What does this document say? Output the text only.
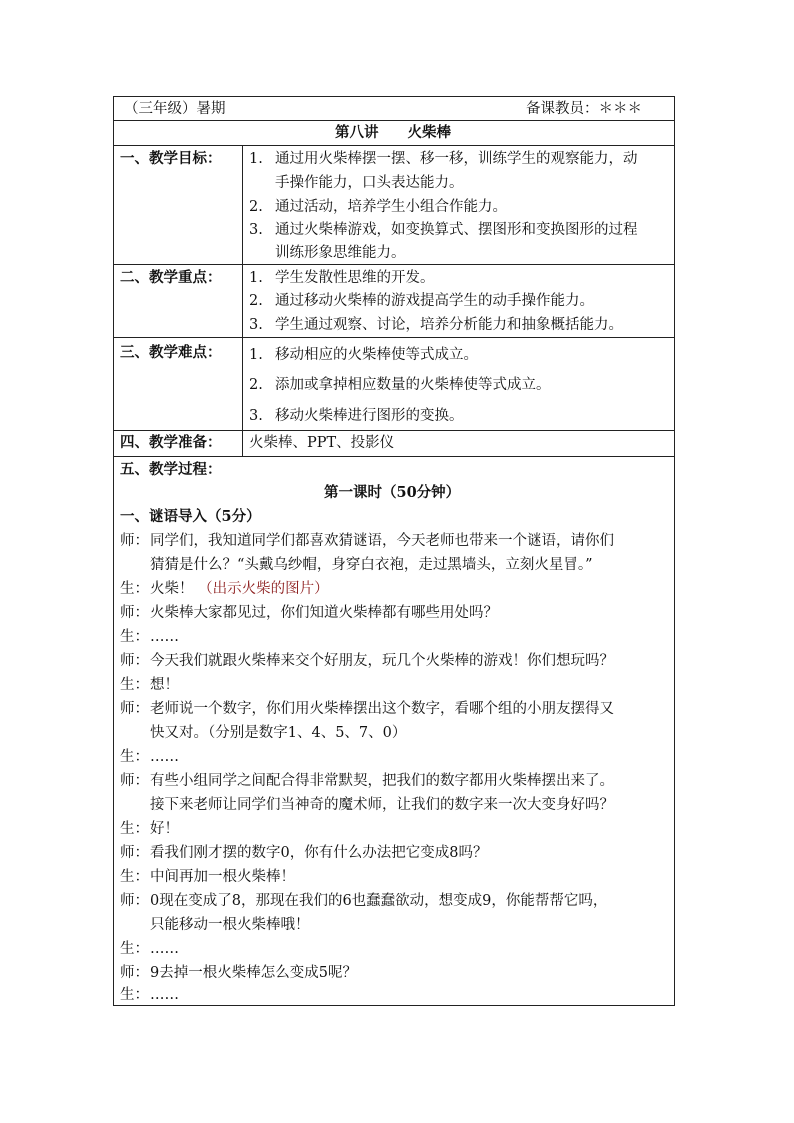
（三年级）暑期	备课教员：＊＊＊
第八讲　　火柴棒
一、教学目标： 1. 通过用火柴棒摆一摆、移一移，训练学生的观察能力，动
手操作能力，口头表达能力。
2. 通过活动，培养学生小组合作能力。
3. 通过火柴棒游戏，如变换算式、摆图形和变换图形的过程
训练形象思维能力。
二、教学重点： 1. 学生发散性思维的开发。
2. 通过移动火柴棒的游戏提高学生的动手操作能力。
3. 学生通过观察、讨论，培养分析能力和抽象概括能力。
三、教学难点： 1. 移动相应的火柴棒使等式成立。
2. 添加或拿掉相应数量的火柴棒使等式成立。
3. 移动火柴棒进行图形的变换。
四、教学准备： 火柴棒、PPT、投影仪
五、教学过程：
第一课时（50分钟）
一、谜语导入（5分）
师： 同学们，我知道同学们都喜欢猜谜语，今天老师也带来一个谜语，请你们
猜猜是什么？“头戴乌纱帽，身穿白衣袍，走过黑墙头，立刻火星冒。”
生： 火柴！ （出示火柴的图片）
师： 火柴棒大家都见过，你们知道火柴棒都有哪些用处吗？
生： ……
师： 今天我们就跟火柴棒来交个好朋友，玩几个火柴棒的游戏！你们想玩吗？
生： 想！
师： 老师说一个数字，你们用火柴棒摆出这个数字，看哪个组的小朋友摆得又
快又对。（分别是数字1、4、5、7、0）
生： ……
师： 有些小组同学之间配合得非常默契，把我们的数字都用火柴棒摆出来了。
接下来老师让同学们当神奇的魔术师，让我们的数字来一次大变身好吗？
生： 好！
师： 看我们刚才摆的数字0，你有什么办法把它变成8吗？
生： 中间再加一根火柴棒！
师： 0现在变成了8，那现在我们的6也蠢蠢欲动，想变成9，你能帮帮它吗，
只能移动一根火柴棒哦！
生： ……
师： 9去掉一根火柴棒怎么变成5呢？
生： ……
